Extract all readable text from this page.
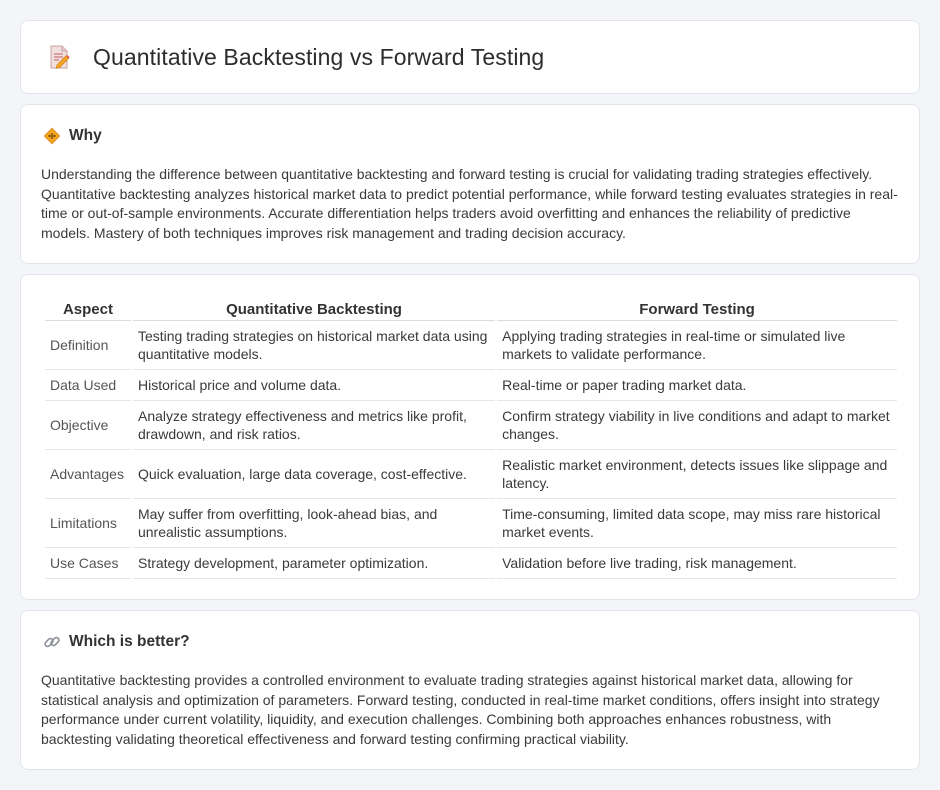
Quantitative Backtesting vs Forward Testing
Why

Understanding the difference between quantitative backtesting and forward testing is crucial for validating trading strategies effectively. Quantitative backtesting analyzes historical market data to predict potential performance, while forward testing evaluates strategies in real-time or out-of-sample environments. Accurate differentiation helps traders avoid overfitting and enhances the reliability of predictive models. Mastery of both techniques improves risk management and trading decision accuracy.

Aspect	Quantitative Backtesting	Forward Testing
Definition	Testing trading strategies on historical market data using quantitative models.	Applying trading strategies in real-time or simulated live markets to validate performance.
Data Used	Historical price and volume data.	Real-time or paper trading market data.
Objective	Analyze strategy effectiveness and metrics like profit, drawdown, and risk ratios.	Confirm strategy viability in live conditions and adapt to market changes.
Advantages	Quick evaluation, large data coverage, cost-effective.	Realistic market environment, detects issues like slippage and latency.
Limitations	May suffer from overfitting, look-ahead bias, and unrealistic assumptions.	Time-consuming, limited data scope, may miss rare historical market events.
Use Cases	Strategy development, parameter optimization.	Validation before live trading, risk management.
Which is better?

Quantitative backtesting provides a controlled environment to evaluate trading strategies against historical market data, allowing for statistical analysis and optimization of parameters. Forward testing, conducted in real-time market conditions, offers insight into strategy performance under current volatility, liquidity, and execution challenges. Combining both approaches enhances robustness, with backtesting validating theoretical effectiveness and forward testing confirming practical viability.
